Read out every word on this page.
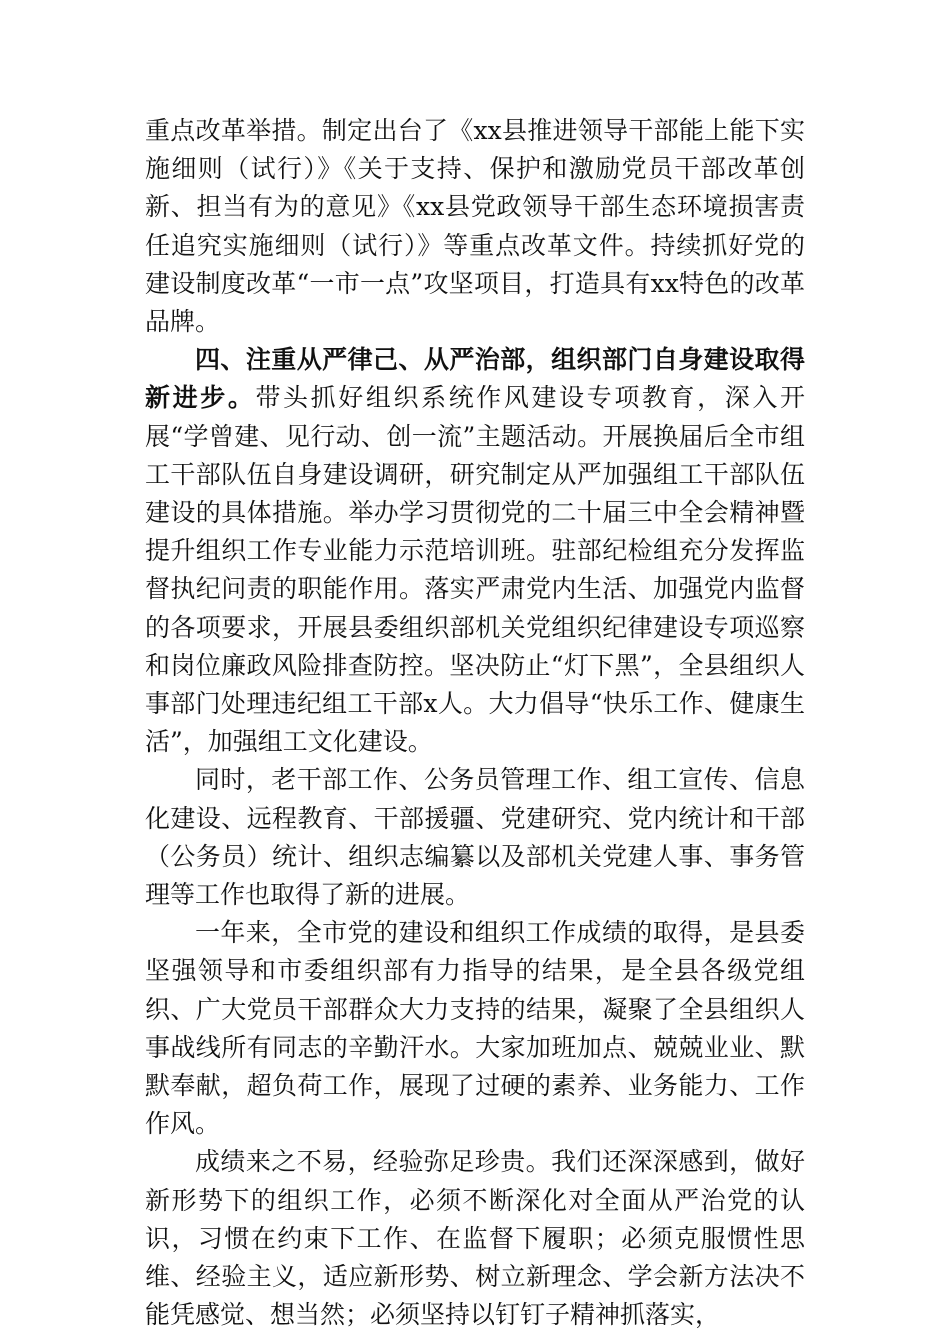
重点改革举措。制定出台了《xx县推进领导干部能上能下实施细则（试行）》《关于支持、保护和激励党员干部改革创新、担当有为的意见》《xx县党政领导干部生态环境损害责任追究实施细则（试行）》等重点改革文件。持续抓好党的建设制度改革“一市一点”攻坚项目，打造具有xx特色的改革品牌。

四、注重从严律己、从严治部，组织部门自身建设取得新进步。带头抓好组织系统作风建设专项教育，深入开展“学曾建、见行动、创一流”主题活动。开展换届后全市组工干部队伍自身建设调研，研究制定从严加强组工干部队伍建设的具体措施。举办学习贯彻党的二十届三中全会精神暨提升组织工作专业能力示范培训班。驻部纪检组充分发挥监督执纪问责的职能作用。落实严肃党内生活、加强党内监督的各项要求，开展县委组织部机关党组织纪律建设专项巡察和岗位廉政风险排查防控。坚决防止“灯下黑”，全县组织人事部门处理违纪组工干部x人。大力倡导“快乐工作、健康生活”，加强组工文化建设。

同时，老干部工作、公务员管理工作、组工宣传、信息化建设、远程教育、干部援疆、党建研究、党内统计和干部（公务员）统计、组织志编纂以及部机关党建人事、事务管理等工作也取得了新的进展。

一年来，全市党的建设和组织工作成绩的取得，是县委坚强领导和市委组织部有力指导的结果，是全县各级党组织、广大党员干部群众大力支持的结果，凝聚了全县组织人事战线所有同志的辛勤汗水。大家加班加点、兢兢业业、默默奉献，超负荷工作，展现了过硬的素养、业务能力、工作作风。

成绩来之不易，经验弥足珍贵。我们还深深感到，做好新形势下的组织工作，必须不断深化对全面从严治党的认识，习惯在约束下工作、在监督下履职；必须克服惯性思维、经验主义，适应新形势、树立新理念、学会新方法决不能凭感觉、想当然；必须坚持以钉钉子精神抓落实，
